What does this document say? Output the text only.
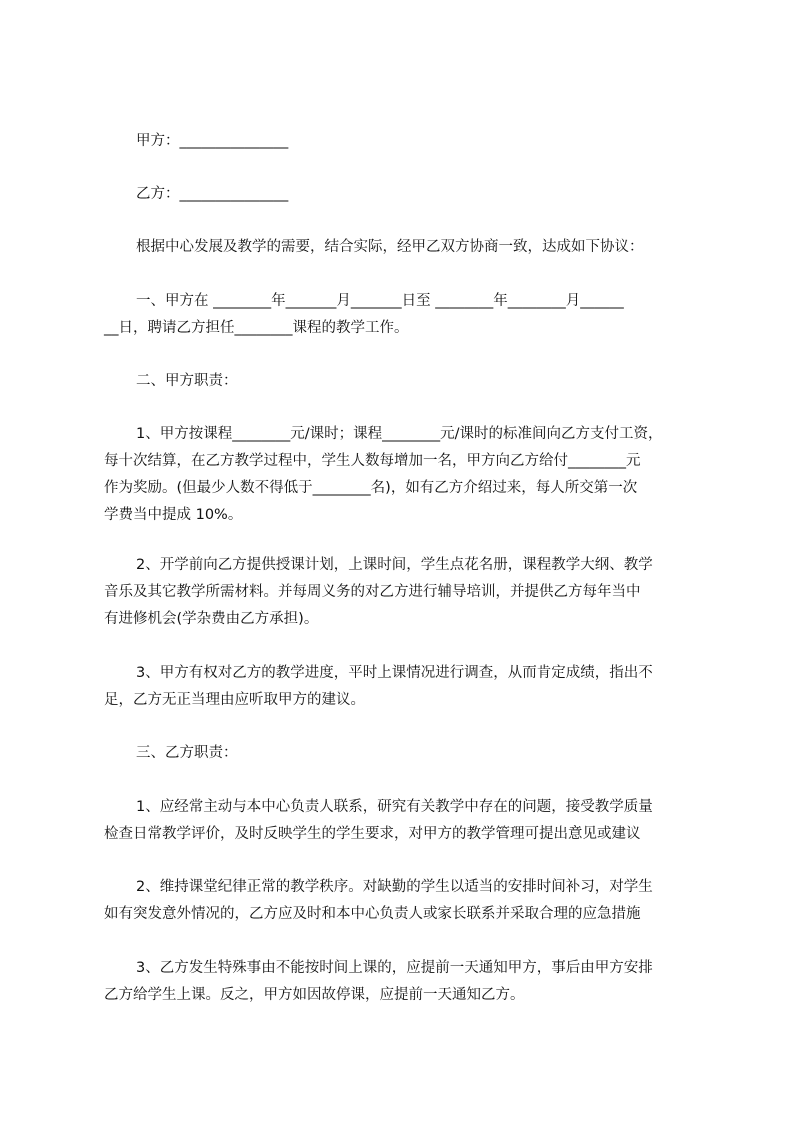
甲方：_______________
乙方：_______________
根据中心发展及教学的需要，结合实际，经甲乙双方协商一致，达成如下协议：
一、甲方在 ________年_______月_______日至 ________年________月______
__日，聘请乙方担任________课程的教学工作。
二、甲方职责：
1、甲方按课程________元/课时；课程________元/课时的标准间向乙方支付工资，
每十次结算，在乙方教学过程中，学生人数每增加一名，甲方向乙方给付________元
作为奖励。(但最少人数不得低于________名)，如有乙方介绍过来，每人所交第一次
学费当中提成 10%。
2、开学前向乙方提供授课计划，上课时间，学生点花名册，课程教学大纲、教学
音乐及其它教学所需材料。并每周义务的对乙方进行辅导培训，并提供乙方每年当中
有进修机会(学杂费由乙方承担)。
3、甲方有权对乙方的教学进度，平时上课情况进行调查，从而肯定成绩，指出不
足，乙方无正当理由应听取甲方的建议。
三、乙方职责：
1、应经常主动与本中心负责人联系，研究有关教学中存在的问题，接受教学质量
检查日常教学评价，及时反映学生的学生要求，对甲方的教学管理可提出意见或建议
2、维持课堂纪律正常的教学秩序。对缺勤的学生以适当的安排时间补习，对学生
如有突发意外情况的，乙方应及时和本中心负责人或家长联系并采取合理的应急措施
3、乙方发生特殊事由不能按时间上课的，应提前一天通知甲方，事后由甲方安排
乙方给学生上课。反之，甲方如因故停课，应提前一天通知乙方。
